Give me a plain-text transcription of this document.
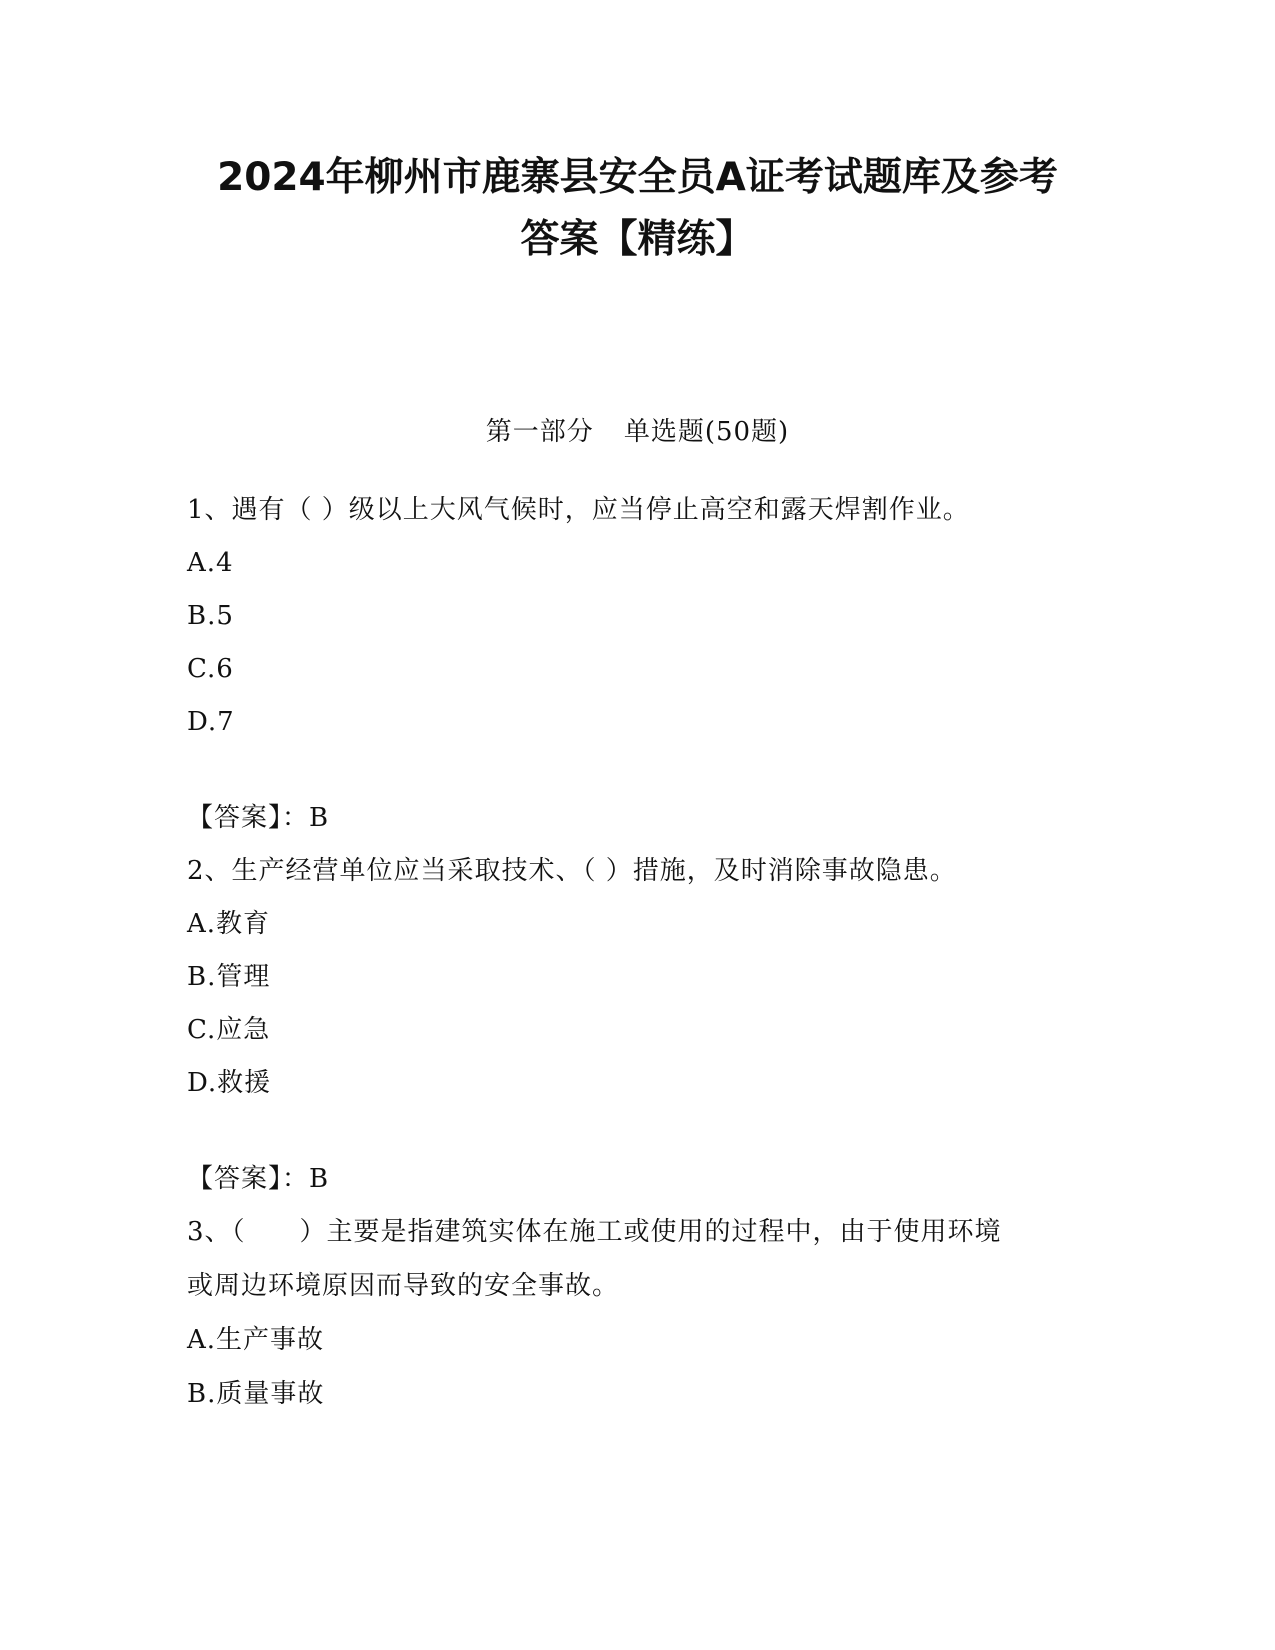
2024年柳州市鹿寨县安全员A证考试题库及参考
答案【精练】
第一部分 单选题(50题)
1、遇有（ ）级以上大风气候时，应当停止高空和露天焊割作业。
A.4
B.5
C.6
D.7
【答案】：B
2、生产经营单位应当采取技术、（ ）措施，及时消除事故隐患。
A.教育
B.管理
C.应急
D.救援
【答案】：B
3、（　　）主要是指建筑实体在施工或使用的过程中，由于使用环境
或周边环境原因而导致的安全事故。
A.生产事故
B.质量事故
